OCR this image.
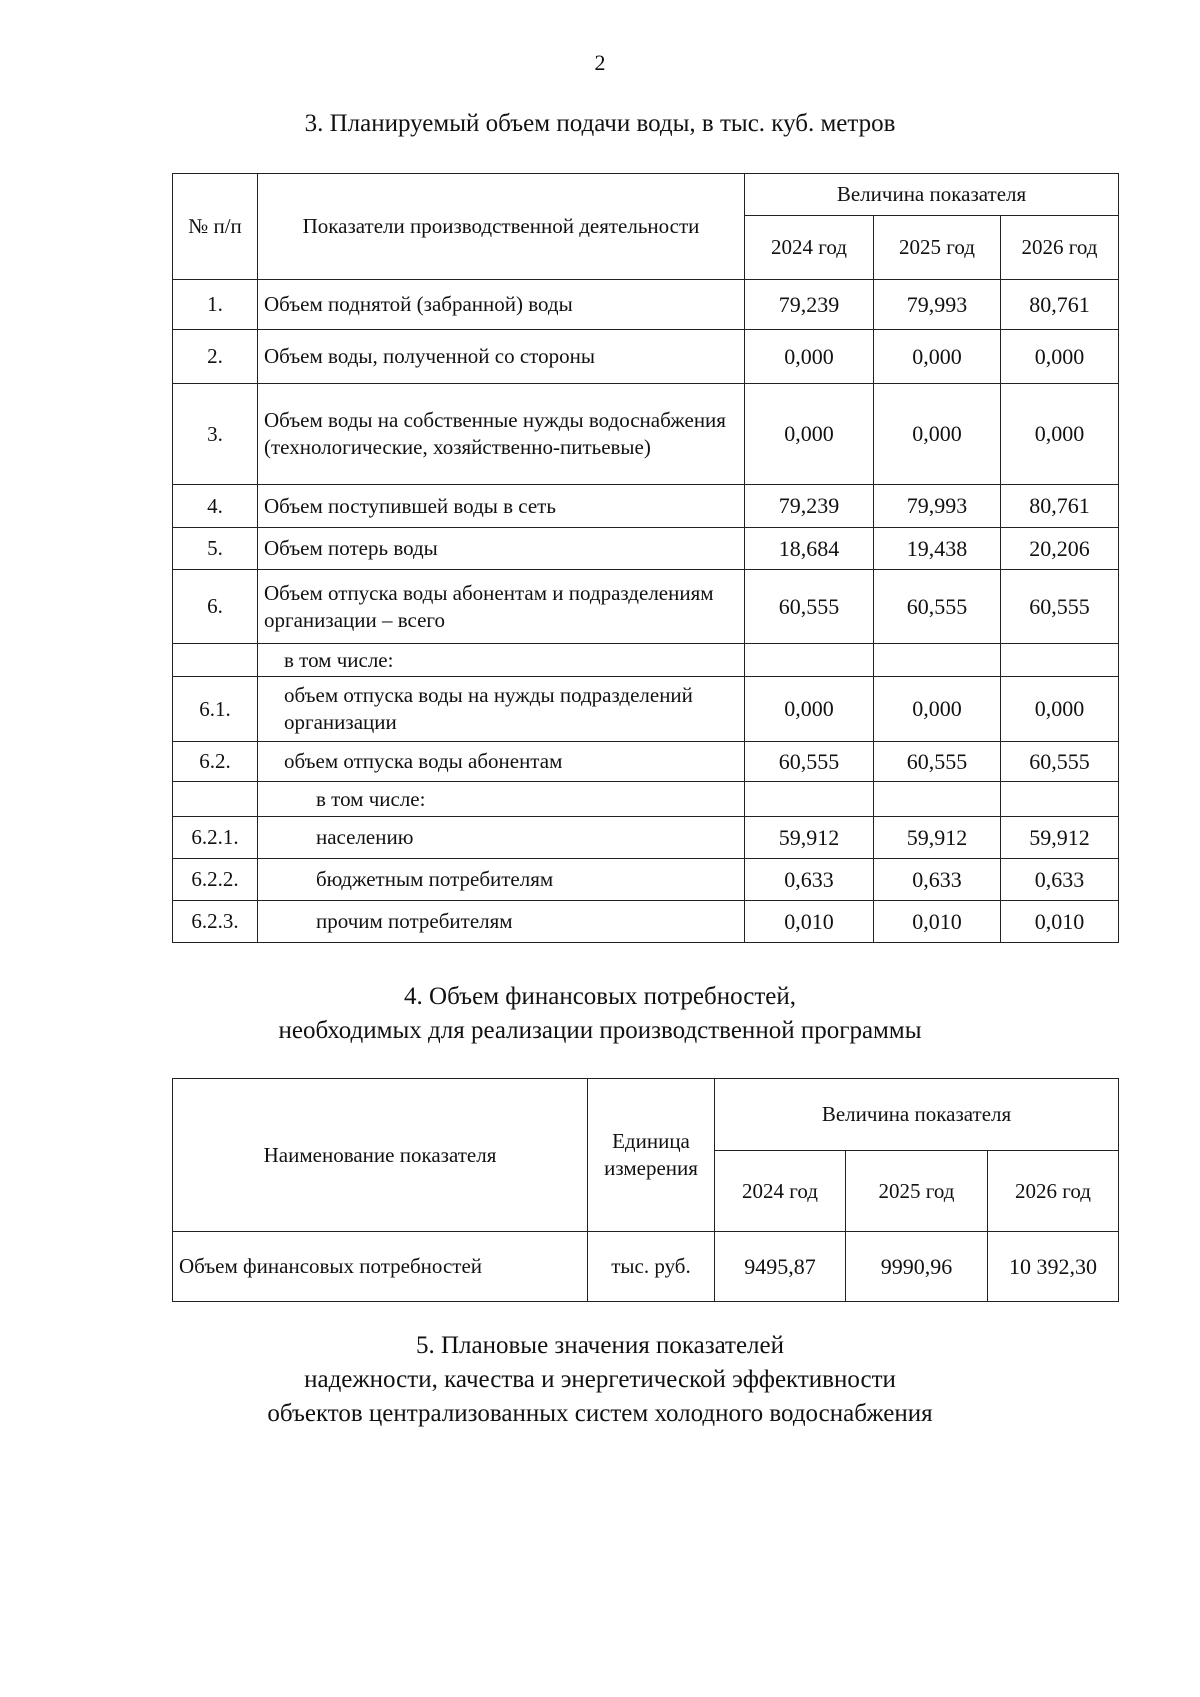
2
3. Планируемый объем подачи воды, в тыс. куб. метров
№ п/п	Показатели производственной деятельности	Величина показателя		
		2024 год	2025 год	2026 год
1.	Объем поднятой (забранной) воды	79,239	79,993	80,761
2.	Объем воды, полученной со стороны	0,000	0,000	0,000
3.	Объем воды на собственные нужды водоснабжения (технологические, хозяйственно-питьевые)	0,000	0,000	0,000
4.	Объем поступившей воды в сеть	79,239	79,993	80,761
5.	Объем потерь воды	18,684	19,438	20,206
6.	Объем отпуска воды абонентам и подразделениям организации – всего	60,555	60,555	60,555
	в том числе:			
6.1.	объем отпуска воды на нужды подразделений организации	0,000	0,000	0,000
6.2.	объем отпуска воды абонентам	60,555	60,555	60,555
	в том числе:			
6.2.1.	населению	59,912	59,912	59,912
6.2.2.	бюджетным потребителям	0,633	0,633	0,633
6.2.3.	прочим потребителям	0,010	0,010	0,010
4. Объем финансовых потребностей,
необходимых для реализации производственной программы
Наименование показателя	Единица измерения	Величина показателя		
		2024 год	2025 год	2026 год
Объем финансовых потребностей	тыс. руб.	9495,87	9990,96	10 392,30
5. Плановые значения показателей
надежности, качества и энергетической эффективности
объектов централизованных систем холодного водоснабжения
